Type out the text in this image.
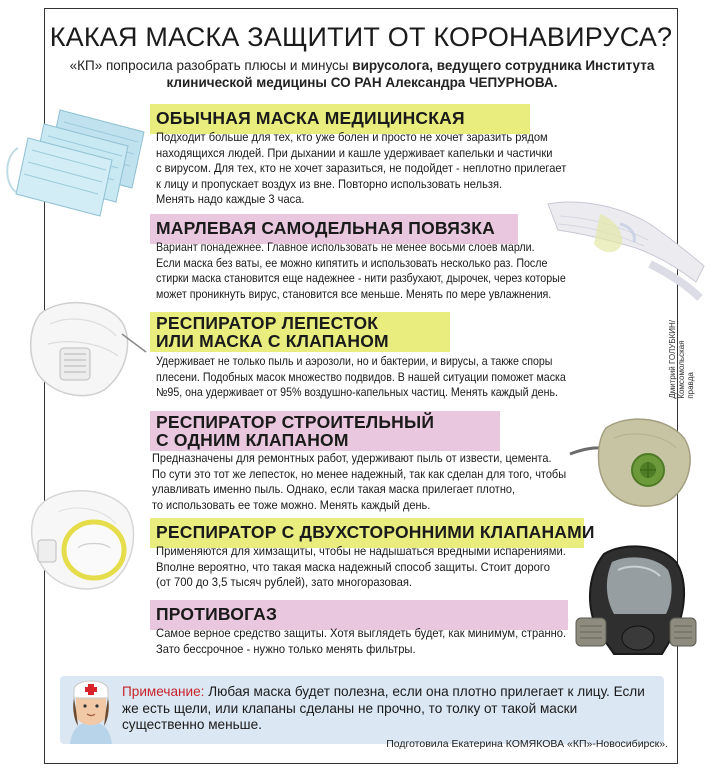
КАКАЯ МАСКА ЗАЩИТИТ ОТ КОРОНАВИРУСА?
«КП» попросила разобрать плюсы и минусы вирусолога, ведущего сотрудника Института клинической медицины СО РАН Александра ЧЕПУРНОВА.
ОБЫЧНАЯ МАСКА МЕДИЦИНСКАЯ
Подходит больше для тех, кто уже болен и просто не хочет заразить рядом
находящихся людей. При дыхании и кашле удерживает капельки и частички
с вирусом. Для тех, кто не хочет заразиться, не подойдет - неплотно прилегает
к лицу и пропускает воздух из вне. Повторно использовать нельзя.
Менять надо каждые 3 часа.
МАРЛЕВАЯ САМОДЕЛЬНАЯ ПОВЯЗКА
Вариант понадежнее. Главное использовать не менее восьми слоев марли.
Если маска без ваты, ее можно кипятить и использовать несколько раз. После
стирки маска становится еще надежнее - нити разбухают, дырочек, через которые
может проникнуть вирус, становится все меньше. Менять по мере увлажнения.
РЕСПИРАТОР ЛЕПЕСТОК
ИЛИ МАСКА С КЛАПАНОМ
Удерживает не только пыль и аэрозоли, но и бактерии, и вирусы, а также споры
плесени. Подобных масок множество подвидов. В нашей ситуации поможет маска
№95, она удерживает от 95% воздушно-капельных частиц. Менять каждый день.
РЕСПИРАТОР СТРОИТЕЛЬНЫЙ
С ОДНИМ КЛАПАНОМ
Предназначены для ремонтных работ, удерживают пыль от извести, цемента.
По сути это тот же лепесток, но менее надежный, так как сделан для того, чтобы
улавливать именно пыль. Однако, если такая маска прилегает плотно,
то использовать ее тоже можно. Менять каждый день.
РЕСПИРАТОР С ДВУХСТОРОННИМИ КЛАПАНАМИ
Применяются для химзащиты, чтобы не надышаться вредными испарениями.
Вполне вероятно, что такая маска надежный способ защиты. Стоит дорого
(от 700 до 3,5 тысяч рублей), зато многоразовая.
ПРОТИВОГАЗ
Самое верное средство защиты. Хотя выглядеть будет, как минимум, странно.
Зато бессрочное - нужно только менять фильтры.
Дмитрий ГОЛУБКИН/ Комсомольская правда
Примечание: Любая маска будет полезна, если она плотно прилегает к лицу. Если же есть щели, или клапаны сделаны не прочно, то толку от такой маски существенно меньше.
Подготовила Екатерина КОМЯКОВА «КП»-Новосибирск».
